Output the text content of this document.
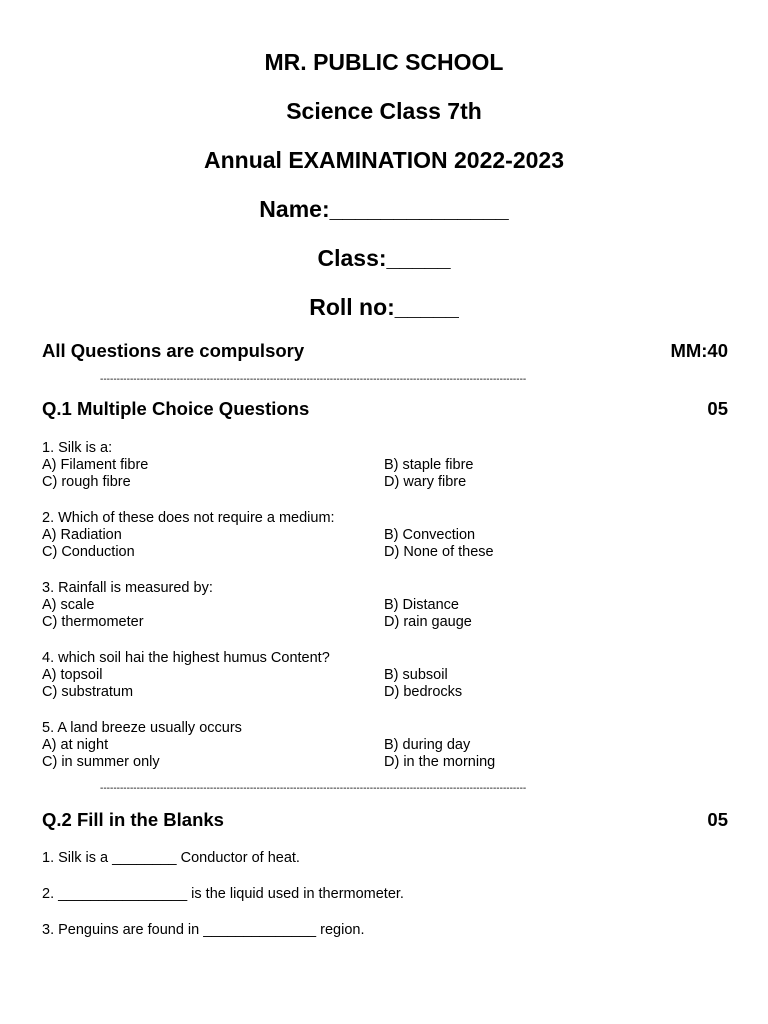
MR. PUBLIC SCHOOL
Science Class 7th
Annual EXAMINATION 2022-2023
Name:______________
Class:_____
Roll no:_____
All Questions are compulsory	MM:40
--------------------------------------------------------------------------------------------------------------------------------
Q.1 Multiple Choice Questions	05
1. Silk is a:
A) Filament fibre	B) staple fibre
C) rough fibre	D) wary fibre
2. Which of these does not require a medium:
A) Radiation	B) Convection
C) Conduction	D) None of these
3. Rainfall is measured by:
A) scale	B) Distance
C) thermometer	D) rain gauge
4. which soil hai the highest humus Content?
A) topsoil	B) subsoil
C) substratum	D) bedrocks
5. A land breeze usually occurs
A) at night	B) during day
C) in summer only	D) in the morning
--------------------------------------------------------------------------------------------------------------------------------
Q.2 Fill in the Blanks	05
1. Silk is a ________ Conductor of heat.
2. ________________ is the liquid used in thermometer.
3. Penguins are found in ______________ region.
